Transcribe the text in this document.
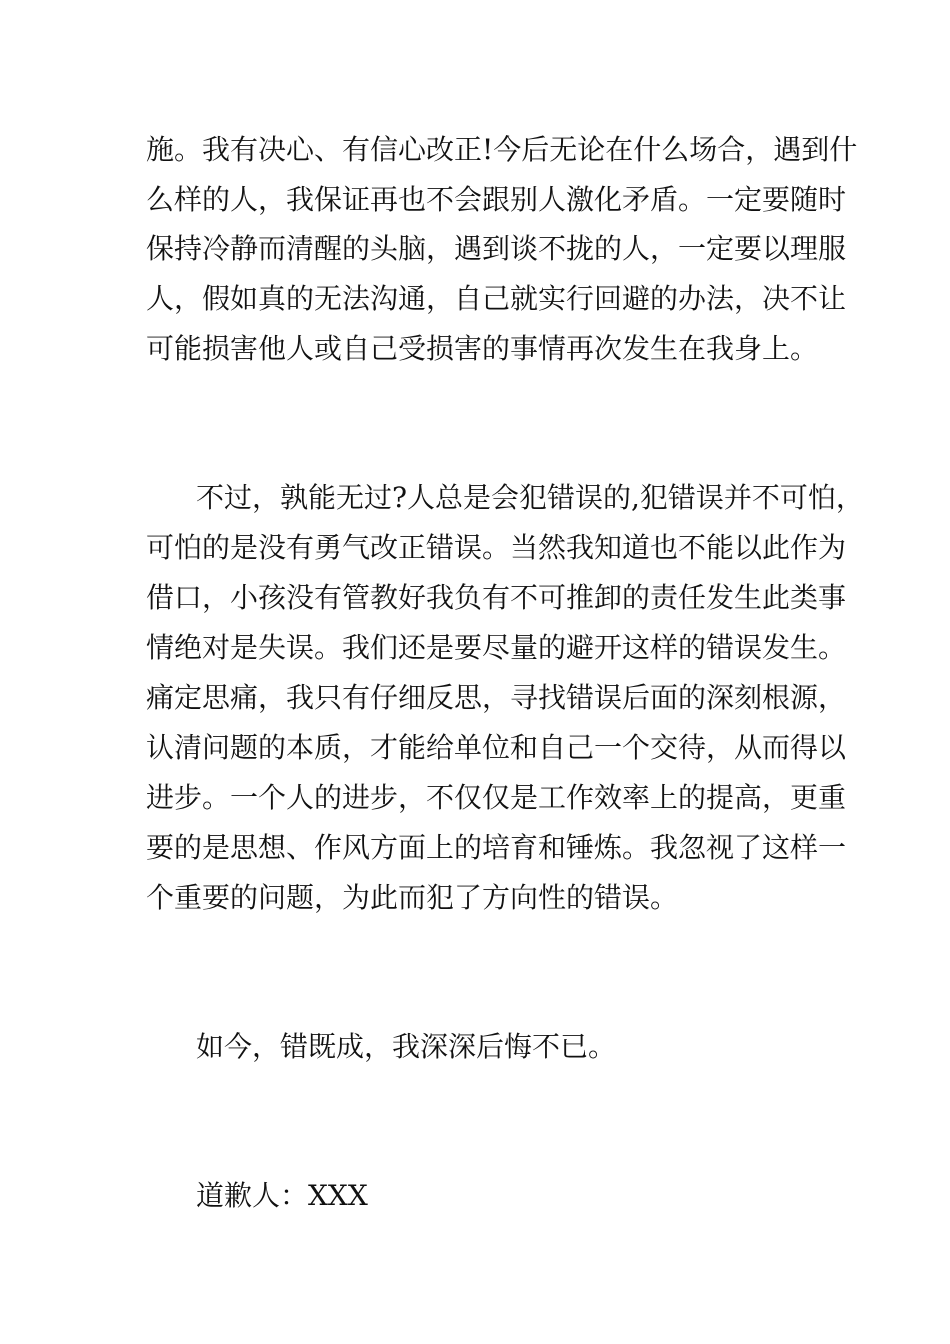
施。我有决心、有信心改正!今后无论在什么场合，遇到什
么样的人，我保证再也不会跟别人激化矛盾。一定要随时
保持冷静而清醒的头脑，遇到谈不拢的人，一定要以理服
人，假如真的无法沟通，自己就实行回避的办法，决不让
可能损害他人或自己受损害的事情再次发生在我身上。
不过，孰能无过?人总是会犯错误的,犯错误并不可怕，
可怕的是没有勇气改正错误。当然我知道也不能以此作为
借口，小孩没有管教好我负有不可推卸的责任发生此类事
情绝对是失误。我们还是要尽量的避开这样的错误发生。
痛定思痛，我只有仔细反思，寻找错误后面的深刻根源，
认清问题的本质，才能给单位和自己一个交待，从而得以
进步。一个人的进步，不仅仅是工作效率上的提高，更重
要的是思想、作风方面上的培育和锤炼。我忽视了这样一
个重要的问题，为此而犯了方向性的错误。
如今，错既成，我深深后悔不已。
道歉人：XXX
